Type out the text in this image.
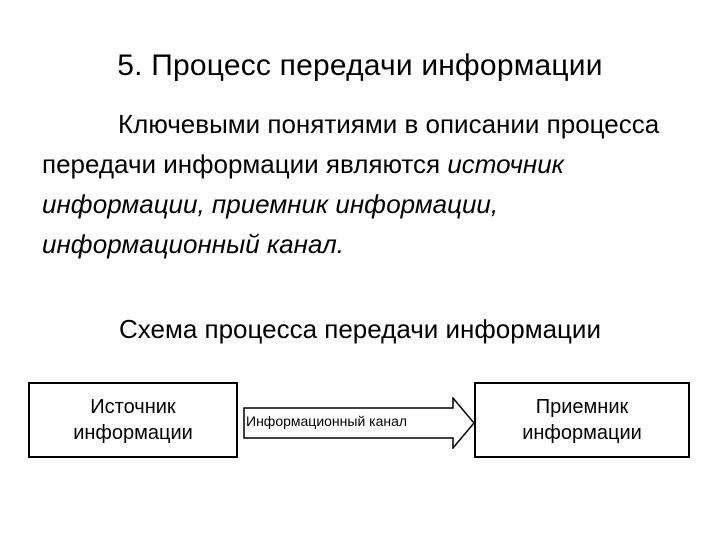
5. Процесс передачи информации
Ключевыми понятиями в описании процесса передачи информации являются источник информации, приемник информации, информационный канал.
Схема процесса передачи информации
Источник информации
Информационный канал
Приемник информации
